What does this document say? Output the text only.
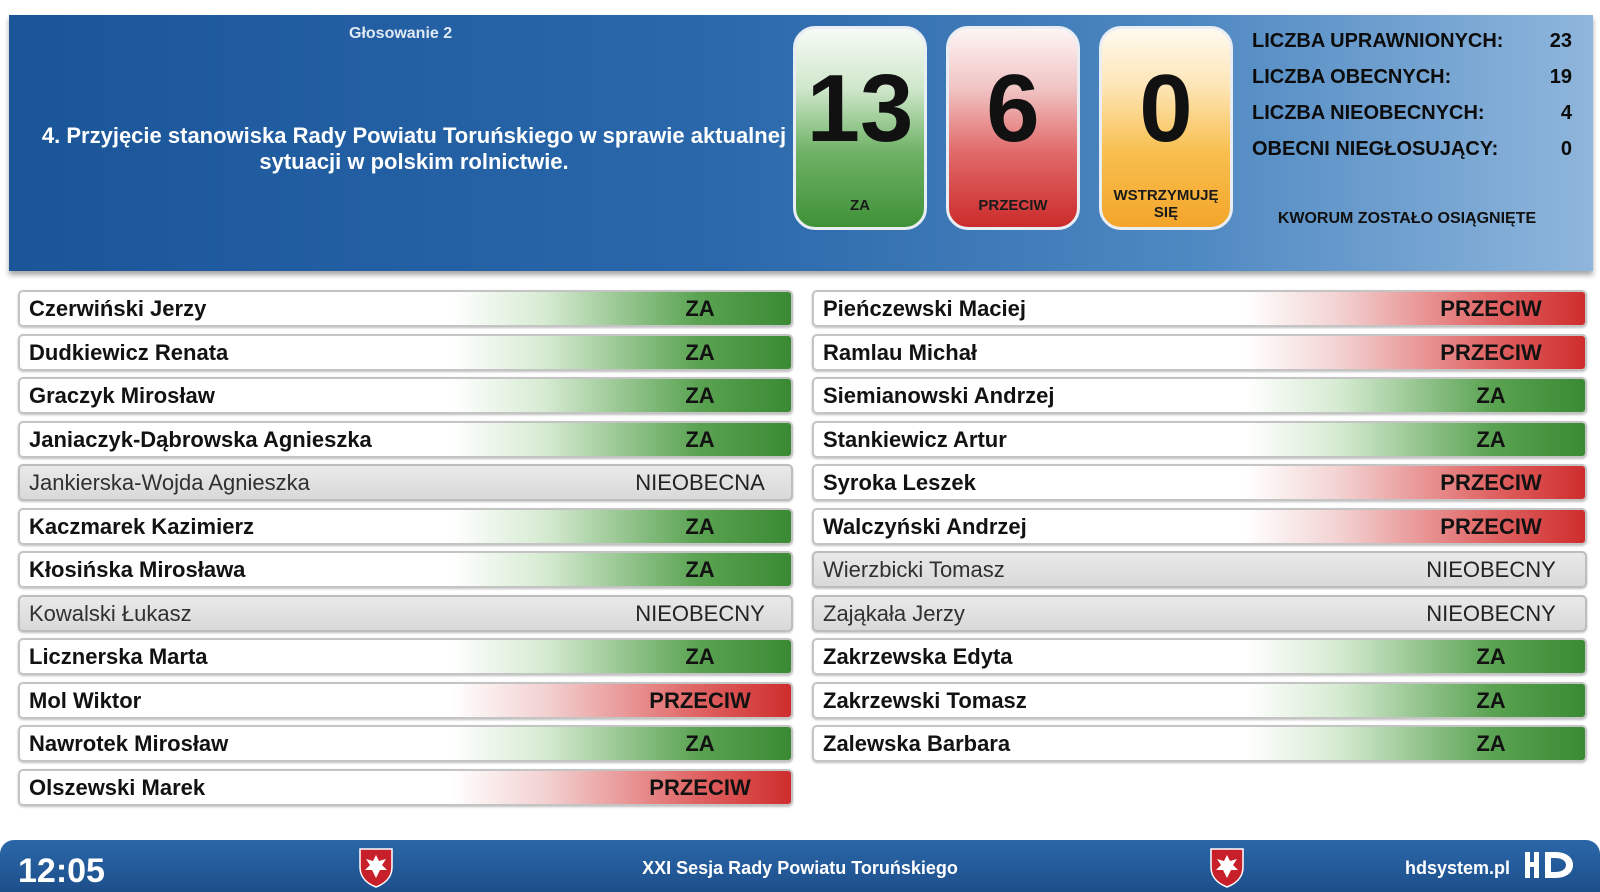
Głosowanie 2
4. Przyjęcie stanowiska Rady Powiatu Toruńskiego w sprawie aktualnej sytuacji w polskim rolnictwie.	13
ZA
6
PRZECIW
0
WSTRZYMUJĘ SIĘ
LICZBA UPRAWNIONYCH: 23
LICZBA OBECNYCH:	19
LICZBA NIEOBECNYCH:	4
OBECNI NIEGŁOSUJĄCY:	0
KWORUM ZOSTAŁO OSIĄGNIĘTE
Czerwiński Jerzy	ZA
Dudkiewicz Renata	ZA
Graczyk Mirosław	ZA
Janiaczyk-Dąbrowska Agnieszka	ZA
Jankierska-Wojda Agnieszka	NIEOBECNA
Kaczmarek Kazimierz	ZA
Kłosińska Mirosława	ZA
Kowalski Łukasz	NIEOBECNY
Licznerska Marta	ZA
Mol Wiktor	PRZECIW
Nawrotek Mirosław	ZA
Olszewski Marek	PRZECIW
Pieńczewski Maciej	PRZECIW
Ramlau Michał	PRZECIW
Siemianowski Andrzej	ZA
Stankiewicz Artur	ZA
Syroka Leszek	PRZECIW
Walczyński Andrzej	PRZECIW
Wierzbicki Tomasz	NIEOBECNY
Zająkała Jerzy	NIEOBECNY
Zakrzewska Edyta	ZA
Zakrzewski Tomasz	ZA
Zalewska Barbara	ZA
12:05	XXI Sesja Rady Powiatu Toruńskiego	hdsystem.pl
